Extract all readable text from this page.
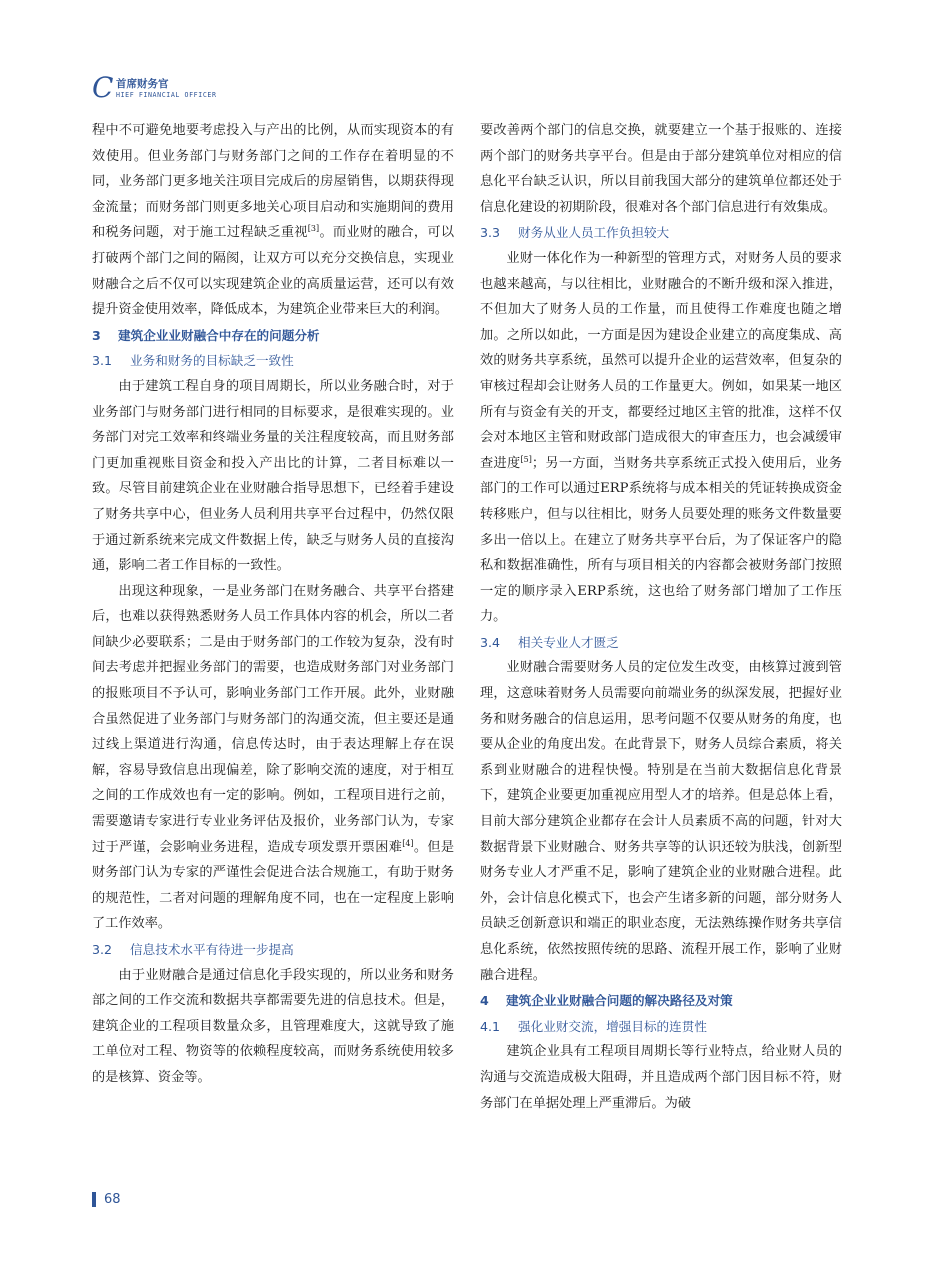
C 首席财务官
HIEF FINANCIAL OFFICER

程中不可避免地要考虑投入与产出的比例，从而实现资本的有效使用。但业务部门与财务部门之间的工作存在着明显的不同，业务部门更多地关注项目完成后的房屋销售，以期获得现金流量；而财务部门则更多地关心项目启动和实施期间的费用和税务问题，对于施工过程缺乏重视[3]。而业财的融合，可以打破两个部门之间的隔阂，让双方可以充分交换信息，实现业财融合之后不仅可以实现建筑企业的高质量运营，还可以有效提升资金使用效率，降低成本，为建筑企业带来巨大的利润。

3 建筑企业业财融合中存在的问题分析
3.1 业务和财务的目标缺乏一致性

由于建筑工程自身的项目周期长，所以业务融合时，对于业务部门与财务部门进行相同的目标要求，是很难实现的。业务部门对完工效率和终端业务量的关注程度较高，而且财务部门更加重视账目资金和投入产出比的计算，二者目标难以一致。尽管目前建筑企业在业财融合指导思想下，已经着手建设了财务共享中心，但业务人员利用共享平台过程中，仍然仅限于通过新系统来完成文件数据上传，缺乏与财务人员的直接沟通，影响二者工作目标的一致性。

出现这种现象，一是业务部门在财务融合、共享平台搭建后，也难以获得熟悉财务人员工作具体内容的机会，所以二者间缺少必要联系；二是由于财务部门的工作较为复杂，没有时间去考虑并把握业务部门的需要，也造成财务部门对业务部门的报账项目不予认可，影响业务部门工作开展。此外，业财融合虽然促进了业务部门与财务部门的沟通交流，但主要还是通过线上渠道进行沟通，信息传达时，由于表达理解上存在误解，容易导致信息出现偏差，除了影响交流的速度，对于相互之间的工作成效也有一定的影响。例如，工程项目进行之前，需要邀请专家进行专业业务评估及报价，业务部门认为，专家过于严谨，会影响业务进程，造成专项发票开票困难[4]。但是财务部门认为专家的严谨性会促进合法合规施工，有助于财务的规范性，二者对问题的理解角度不同，也在一定程度上影响了工作效率。

3.2 信息技术水平有待进一步提高

由于业财融合是通过信息化手段实现的，所以业务和财务部之间的工作交流和数据共享都需要先进的信息技术。但是，建筑企业的工程项目数量众多，且管理难度大，这就导致了施工单位对工程、物资等的依赖程度较高，而财务系统使用较多的是核算、资金等。

要改善两个部门的信息交换，就要建立一个基于报账的、连接两个部门的财务共享平台。但是由于部分建筑单位对相应的信息化平台缺乏认识，所以目前我国大部分的建筑单位都还处于信息化建设的初期阶段，很难对各个部门信息进行有效集成。

3.3 财务从业人员工作负担较大

业财一体化作为一种新型的管理方式，对财务人员的要求也越来越高，与以往相比，业财融合的不断升级和深入推进，不但加大了财务人员的工作量，而且使得工作难度也随之增加。之所以如此，一方面是因为建设企业建立的高度集成、高效的财务共享系统，虽然可以提升企业的运营效率，但复杂的审核过程却会让财务人员的工作量更大。例如，如果某一地区所有与资金有关的开支，都要经过地区主管的批准，这样不仅会对本地区主管和财政部门造成很大的审查压力，也会减缓审查进度[5]；另一方面，当财务共享系统正式投入使用后，业务部门的工作可以通过ERP系统将与成本相关的凭证转换成资金转移账户，但与以往相比，财务人员要处理的账务文件数量要多出一倍以上。在建立了财务共享平台后，为了保证客户的隐私和数据准确性，所有与项目相关的内容都会被财务部门按照一定的顺序录入ERP系统，这也给了财务部门增加了工作压力。

3.4 相关专业人才匮乏

业财融合需要财务人员的定位发生改变，由核算过渡到管理，这意味着财务人员需要向前端业务的纵深发展，把握好业务和财务融合的信息运用，思考问题不仅要从财务的角度，也要从企业的角度出发。在此背景下，财务人员综合素质，将关系到业财融合的进程快慢。特别是在当前大数据信息化背景下，建筑企业要更加重视应用型人才的培养。但是总体上看，目前大部分建筑企业都存在会计人员素质不高的问题，针对大数据背景下业财融合、财务共享等的认识还较为肤浅，创新型财务专业人才严重不足，影响了建筑企业的业财融合进程。此外，会计信息化模式下，也会产生诸多新的问题，部分财务人员缺乏创新意识和端正的职业态度，无法熟练操作财务共享信息化系统，依然按照传统的思路、流程开展工作，影响了业财融合进程。

4 建筑企业业财融合问题的解决路径及对策
4.1 强化业财交流，增强目标的连贯性

建筑企业具有工程项目周期长等行业特点，给业财人员的沟通与交流造成极大阻碍，并且造成两个部门因目标不符，财务部门在单据处理上严重滞后。为破

68
